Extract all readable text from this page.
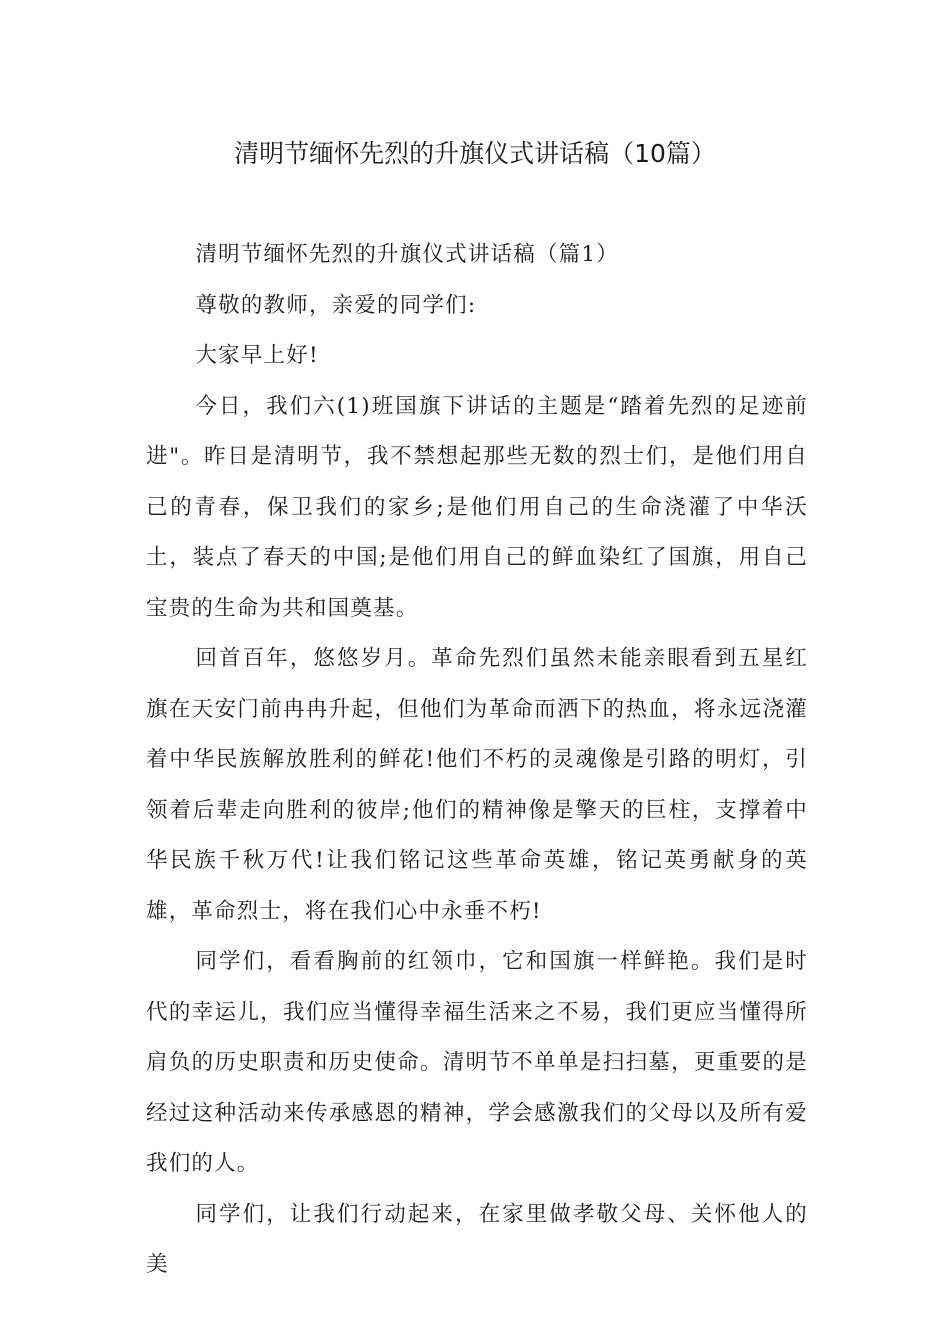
清明节缅怀先烈的升旗仪式讲话稿（10篇）

清明节缅怀先烈的升旗仪式讲话稿（篇1）

尊敬的教师，亲爱的同学们:

大家早上好!

今日，我们六(1)班国旗下讲话的主题是“踏着先烈的足迹前进"。昨日是清明节，我不禁想起那些无数的烈士们，是他们用自己的青春，保卫我们的家乡;是他们用自己的生命浇灌了中华沃土，装点了春天的中国;是他们用自己的鲜血染红了国旗，用自己宝贵的生命为共和国奠基。

回首百年，悠悠岁月。革命先烈们虽然未能亲眼看到五星红旗在天安门前冉冉升起，但他们为革命而洒下的热血，将永远浇灌着中华民族解放胜利的鲜花!他们不朽的灵魂像是引路的明灯，引领着后辈走向胜利的彼岸;他们的精神像是擎天的巨柱，支撑着中华民族千秋万代!让我们铭记这些革命英雄，铭记英勇献身的英雄，革命烈士，将在我们心中永垂不朽!

同学们，看看胸前的红领巾，它和国旗一样鲜艳。我们是时代的幸运儿，我们应当懂得幸福生活来之不易，我们更应当懂得所肩负的历史职责和历史使命。清明节不单单是扫扫墓，更重要的是经过这种活动来传承感恩的精神，学会感激我们的父母以及所有爱我们的人。

同学们，让我们行动起来，在家里做孝敬父母、关怀他人的美
